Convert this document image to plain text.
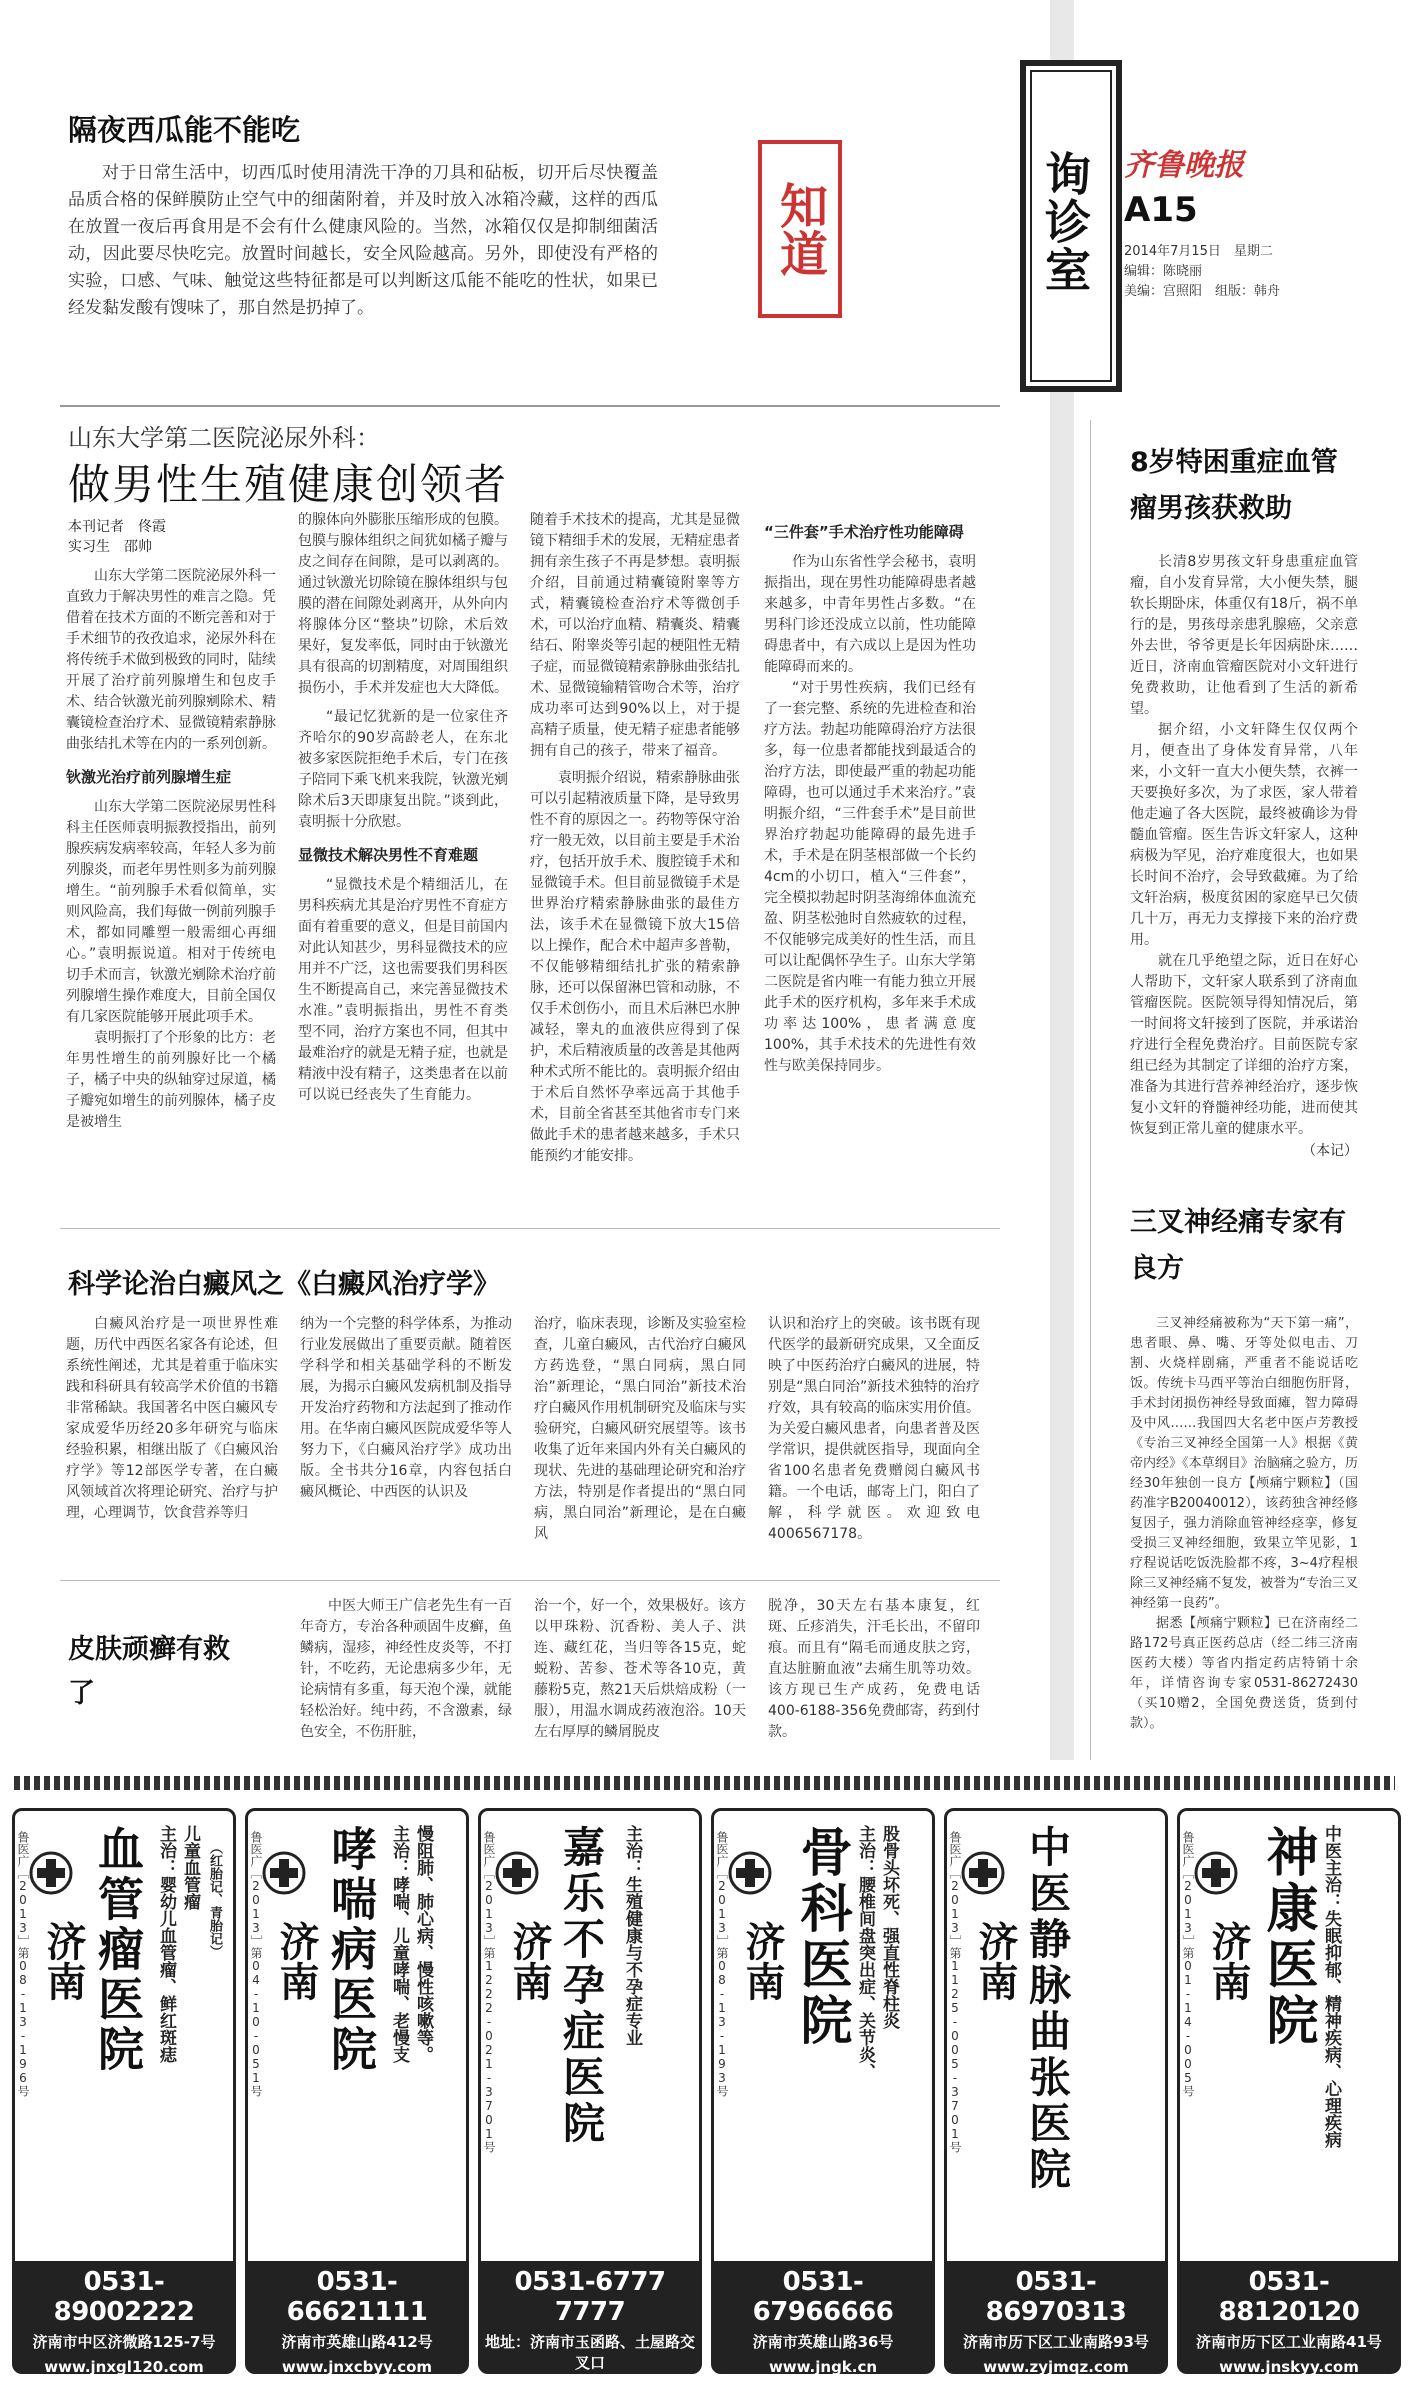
知道	询诊室 齐鲁晚报
A15
2014年7月15日　星期二
编辑：陈晓丽
美编：宫照阳　组版：韩舟
隔夜西瓜能不能吃

对于日常生活中，切西瓜时使用清洗干净的刀具和砧板，切开后尽快覆盖品质合格的保鲜膜防止空气中的细菌附着，并及时放入冰箱冷藏，这样的西瓜在放置一夜后再食用是不会有什么健康风险的。当然，冰箱仅仅是抑制细菌活动，因此要尽快吃完。放置时间越长，安全风险越高。另外，即使没有严格的实验，口感、气味、触觉这些特征都是可以判断这瓜能不能吃的性状，如果已经发黏发酸有馊味了，那自然是扔掉了。

山东大学第二医院泌尿外科：
做男性生殖健康创领者
本刊记者　佟霞
实习生　邵帅

山东大学第二医院泌尿外科一直致力于解决男性的难言之隐。凭借着在技术方面的不断完善和对于手术细节的孜孜追求，泌尿外科在将传统手术做到极致的同时，陆续开展了治疗前列腺增生和包皮手术、结合钬激光前列腺剜除术、精囊镜检查治疗术、显微镜精索静脉曲张结扎术等在内的一系列创新。

钬激光治疗前列腺增生症

山东大学第二医院泌尿男性科科主任医师袁明振教授指出，前列腺疾病发病率较高，年轻人多为前列腺炎，而老年男性则多为前列腺增生。“前列腺手术看似简单，实则风险高，我们每做一例前列腺手术，都如同雕塑一般需细心再细心。”袁明振说道。相对于传统电切手术而言，钬激光剜除术治疗前列腺增生操作难度大，目前全国仅有几家医院能够开展此项手术。

袁明振打了个形象的比方：老年男性增生的前列腺好比一个橘子，橘子中央的纵轴穿过尿道，橘子瓣宛如增生的前列腺体，橘子皮是被增生

的腺体向外膨胀压缩形成的包膜。包膜与腺体组织之间犹如橘子瓣与皮之间存在间隙，是可以剥离的。通过钬激光切除镜在腺体组织与包膜的潜在间隙处剥离开，从外向内将腺体分区“整块”切除，术后效果好，复发率低，同时由于钬激光具有很高的切割精度，对周围组织损伤小，手术并发症也大大降低。

“最记忆犹新的是一位家住齐齐哈尔的90岁高龄老人，在东北被多家医院拒绝手术后，专门在孩子陪同下乘飞机来我院，钬激光剜除术后3天即康复出院。”谈到此，袁明振十分欣慰。

显微技术解决男性不育难题

“显微技术是个精细活儿，在男科疾病尤其是治疗男性不育症方面有着重要的意义，但是目前国内对此认知甚少，男科显微技术的应用并不广泛，这也需要我们男科医生不断提高自己，来完善显微技术水准。”袁明振指出，男性不育类型不同，治疗方案也不同，但其中最难治疗的就是无精子症，也就是精液中没有精子，这类患者在以前可以说已经丧失了生育能力。

随着手术技术的提高，尤其是显微镜下精细手术的发展，无精症患者拥有亲生孩子不再是梦想。袁明振介绍，目前通过精囊镜附睾等方式，精囊镜检查治疗术等微创手术，可以治疗血精、精囊炎、精囊结石、附睾炎等引起的梗阻性无精子症，而显微镜精索静脉曲张结扎术、显微镜输精管吻合术等，治疗成功率可达到90%以上，对于提高精子质量，使无精子症患者能够拥有自己的孩子，带来了福音。

袁明振介绍说，精索静脉曲张可以引起精液质量下降，是导致男性不育的原因之一。药物等保守治疗一般无效，以目前主要是手术治疗，包括开放手术、腹腔镜手术和显微镜手术。但目前显微镜手术是世界治疗精索静脉曲张的最佳方法，该手术在显微镜下放大15倍以上操作，配合术中超声多普勒，不仅能够精细结扎扩张的精索静脉，还可以保留淋巴管和动脉，不仅手术创伤小，而且术后淋巴水肿减轻，睾丸的血液供应得到了保护，术后精液质量的改善是其他两种术式所不能比的。袁明振介绍由于术后自然怀孕率远高于其他手术，目前全省甚至其他省市专门来做此手术的患者越来越多，手术只能预约才能安排。

“三件套”手术治疗性功能障碍

作为山东省性学会秘书，袁明振指出，现在男性功能障碍患者越来越多，中青年男性占多数。“在男科门诊还没成立以前，性功能障碍患者中，有六成以上是因为性功能障碍而来的。

“对于男性疾病，我们已经有了一套完整、系统的先进检查和治疗方法。勃起功能障碍治疗方法很多，每一位患者都能找到最适合的治疗方法，即使最严重的勃起功能障碍，也可以通过手术来治疗。”袁明振介绍，“三件套手术”是目前世界治疗勃起功能障碍的最先进手术，手术是在阴茎根部做一个长约4cm的小切口，植入“三件套”，完全模拟勃起时阴茎海绵体血流充盈、阴茎松弛时自然疲软的过程，不仅能够完成美好的性生活，而且可以让配偶怀孕生子。山东大学第二医院是省内唯一有能力独立开展此手术的医疗机构，多年来手术成功率达100%，患者满意度100%，其手术技术的先进性有效性与欧美保持同步。

科学论治白癜风之《白癜风治疗学》

白癜风治疗是一项世界性难题，历代中西医名家各有论述，但系统性阐述，尤其是着重于临床实践和科研具有较高学术价值的书籍非常稀缺。我国著名中医白癜风专家成爱华历经20多年研究与临床经验积累，相继出版了《白癜风治疗学》等12部医学专著，在白癜风领域首次将理论研究、治疗与护理，心理调节，饮食营养等归

纳为一个完整的科学体系，为推动行业发展做出了重要贡献。随着医学科学和相关基础学科的不断发展，为揭示白癜风发病机制及指导开发治疗药物和方法起到了推动作用。在华南白癜风医院成爱华等人努力下，《白癜风治疗学》成功出版。全书共分16章，内容包括白癜风概论、中西医的认识及

治疗，临床表现，诊断及实验室检查，儿童白癜风，古代治疗白癜风方药选登，“黑白同病，黑白同治”新理论，“黑白同治”新技术治疗白癜风作用机制研究及临床与实验研究，白癜风研究展望等。该书收集了近年来国内外有关白癜风的现状、先进的基础理论研究和治疗方法，特别是作者提出的“黑白同病，黑白同治”新理论，是在白癜风

认识和治疗上的突破。该书既有现代医学的最新研究成果，又全面反映了中医药治疗白癜风的进展，特别是“黑白同治”新技术独特的治疗疗效，具有较高的临床实用价值。为关爱白癜风患者，向患者普及医学常识，提供就医指导，现面向全省100名患者免费赠阅白癜风书籍。一个电话，邮寄上门，阳白了解，科学就医。欢迎致电4006567178。

皮肤顽癣有救了

中医大师王广信老先生有一百年奇方，专治各种顽固牛皮癣，鱼鳞病，湿疹，神经性皮炎等，不打针，不吃药，无论患病多少年，无论病情有多重，每天泡个澡，就能轻松治好。纯中药，不含激素，绿色安全，不伤肝脏，

治一个，好一个，效果极好。该方以甲珠粉、沉香粉、美人子、洪连、藏红花，当归等各15克，蛇蜕粉、苦参、苍术等各10克，黄藤粉5克，熬21天后烘焙成粉（一服），用温水调成药液泡浴。10天左右厚厚的鳞屑脱皮

脱净，30天左右基本康复，红斑、丘疹消失，汗毛长出，不留印痕。而且有“隔毛而通皮肤之窍，直达脏腑血液”去痛生肌等功效。该方现已生产成药，免费电话400-6188-356免费邮寄，药到付款。

8岁特困重症血管瘤男孩获救助

长清8岁男孩文轩身患重症血管瘤，自小发育异常，大小便失禁，腿软长期卧床，体重仅有18斤，祸不单行的是，男孩母亲患乳腺癌，父亲意外去世，爷爷更是长年因病卧床……近日，济南血管瘤医院对小文轩进行免费救助，让他看到了生活的新希望。

据介绍，小文轩降生仅仅两个月，便查出了身体发育异常，八年来，小文轩一直大小便失禁，衣裤一天要换好多次，为了求医，家人带着他走遍了各大医院，最终被确诊为骨髓血管瘤。医生告诉文轩家人，这种病极为罕见，治疗难度很大，也如果长时间不治疗，会导致截瘫。为了给文轩治病，极度贫困的家庭早已欠债几十万，再无力支撑接下来的治疗费用。

就在几乎绝望之际，近日在好心人帮助下，文轩家人联系到了济南血管瘤医院。医院领导得知情况后，第一时间将文轩接到了医院，并承诺治疗进行全程免费治疗。目前医院专家组已经为其制定了详细的治疗方案，准备为其进行营养神经治疗，逐步恢复小文轩的脊髓神经功能，进而使其恢复到正常儿童的健康水平。

（本记）
三叉神经痛专家有良方

三叉神经痛被称为“天下第一痛”，患者眼、鼻、嘴、牙等处似电击、刀割、火烧样剧痛，严重者不能说话吃饭。传统卡马西平等治白细胞伤肝肾，手术封闭损伤神经导致面瘫，智力障碍及中风……我国四大名老中医卢芳教授《专治三叉神经全国第一人》根据《黄帝内经》《本草纲目》治脑痛之验方，历经30年独创一良方【颅痛宁颗粒】（国药准字B20040012），该药独含神经修复因子，强力消除血管神经痉挛，修复受损三叉神经细胞，致果立竿见影，1疗程说话吃饭洗脸都不疼，3~4疗程根除三叉神经痛不复发，被誉为“专治三叉神经第一良药”。

据悉【颅痛宁颗粒】已在济南经二路172号真正医药总店（经二纬三济南医药大楼）等省内指定药店特销十余年，详情咨询专家0531-86272430（买10赠2，全国免费送货，货到付款）。

济南
鲁医广［2013］第08-13-196号 血管瘤医院 主治：婴幼儿血管瘤、鲜红斑痣 儿童血管瘤 （红胎记、青胎记）
0531-89002222
济南市中区济微路125-7号
www.jnxgl120.com
济南
鲁医广［2013］第04-10-051号 哮喘病医院 主治：哮喘、儿童哮喘、老慢支 慢阻肺、肺心病、慢性咳嗽等。
0531-66621111
济南市英雄山路412号
www.jnxcbyy.com
济南
鲁医广［2013］第1222-021-3701号 嘉乐不孕症医院 主治：生殖健康与不孕症专业
0531-6777 7777
地址：济南市玉函路、土屋路交叉口
www.jn1212.com
济南
鲁医广［2013］第08-13-193号 骨科医院 主治：腰椎间盘突出症、关节炎、 股骨头坏死、强直性脊柱炎
0531-67966666
济南市英雄山路36号
www.jngk.cn
济南
鲁医广［2013］第1125-005-3701号 中医静脉曲张医院
0531-86970313
济南市历下区工业南路93号
www.zyjmqz.com
济南
鲁医广［2013］第01-14-005号 神康医院 中医主治：失眠抑郁、精神疾病、心理疾病
0531-88120120
济南市历下区工业南路41号
www.jnskyy.com
